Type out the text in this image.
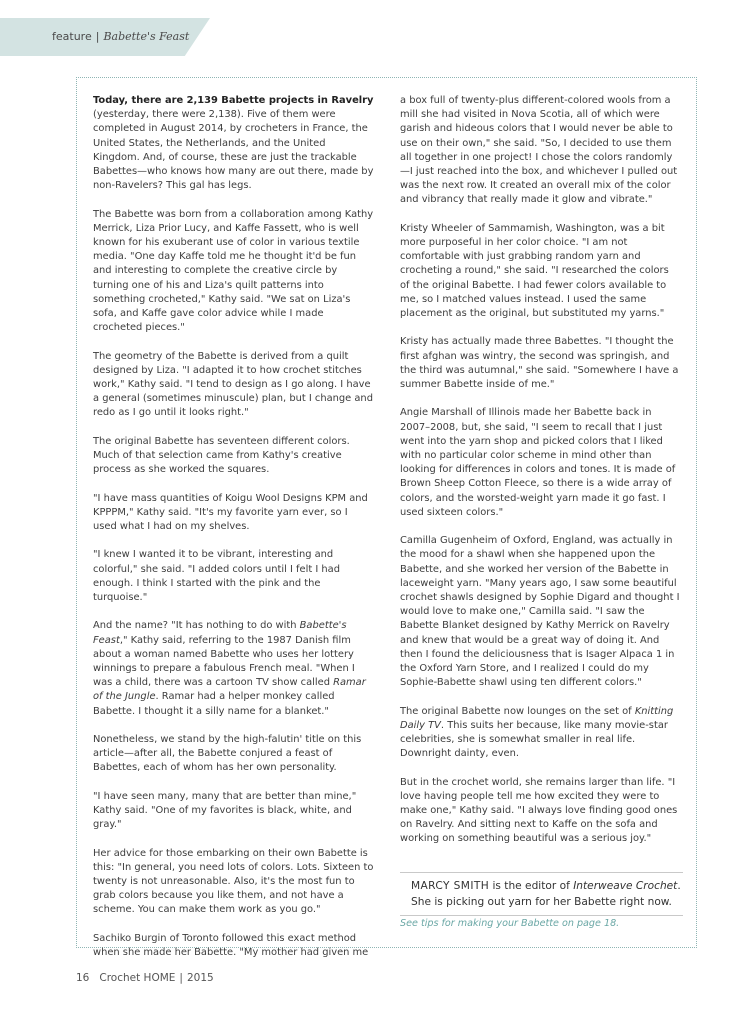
feature | Babette's Feast

Today, there are 2,139 Babette projects in Ravelry (yesterday, there were 2,138). Five of them were completed in August 2014, by crocheters in France, the United States, the Netherlands, and the United Kingdom. And, of course, these are just the trackable Babettes—who knows how many are out there, made by non-Ravelers? This gal has legs.

The Babette was born from a collaboration among Kathy Merrick, Liza Prior Lucy, and Kaffe Fassett, who is well known for his exuberant use of color in various textile media. "One day Kaffe told me he thought it'd be fun and interesting to complete the creative circle by turning one of his and Liza's quilt patterns into something crocheted," Kathy said. "We sat on Liza's sofa, and Kaffe gave color advice while I made crocheted pieces."

The geometry of the Babette is derived from a quilt designed by Liza. "I adapted it to how crochet stitches work," Kathy said. "I tend to design as I go along. I have a general (sometimes minuscule) plan, but I change and redo as I go until it looks right."

The original Babette has seventeen different colors. Much of that selection came from Kathy's creative process as she worked the squares.

"I have mass quantities of Koigu Wool Designs KPM and KPPPM," Kathy said. "It's my favorite yarn ever, so I used what I had on my shelves.

"I knew I wanted it to be vibrant, interesting and colorful," she said. "I added colors until I felt I had enough. I think I started with the pink and the turquoise."

And the name? "It has nothing to do with Babette's Feast," Kathy said, referring to the 1987 Danish film about a woman named Babette who uses her lottery winnings to prepare a fabulous French meal. "When I was a child, there was a cartoon TV show called Ramar of the Jungle. Ramar had a helper monkey called Babette. I thought it a silly name for a blanket."

Nonetheless, we stand by the high-falutin' title on this article—after all, the Babette conjured a feast of Babettes, each of whom has her own personality.

"I have seen many, many that are better than mine," Kathy said. "One of my favorites is black, white, and gray."

Her advice for those embarking on their own Babette is this: "In general, you need lots of colors. Lots. Sixteen to twenty is not unreasonable. Also, it's the most fun to grab colors because you like them, and not have a scheme. You can make them work as you go."

Sachiko Burgin of Toronto followed this exact method when she made her Babette. "My mother had given me

a box full of twenty-plus different-colored wools from a mill she had visited in Nova Scotia, all of which were garish and hideous colors that I would never be able to use on their own," she said. "So, I decided to use them all together in one project! I chose the colors randomly—I just reached into the box, and whichever I pulled out was the next row. It created an overall mix of the color and vibrancy that really made it glow and vibrate."

Kristy Wheeler of Sammamish, Washington, was a bit more purposeful in her color choice. "I am not comfortable with just grabbing random yarn and crocheting a round," she said. "I researched the colors of the original Babette. I had fewer colors available to me, so I matched values instead. I used the same placement as the original, but substituted my yarns."

Kristy has actually made three Babettes. "I thought the first afghan was wintry, the second was springish, and the third was autumnal," she said. "Somewhere I have a summer Babette inside of me."

Angie Marshall of Illinois made her Babette back in 2007–2008, but, she said, "I seem to recall that I just went into the yarn shop and picked colors that I liked with no particular color scheme in mind other than looking for differences in colors and tones. It is made of Brown Sheep Cotton Fleece, so there is a wide array of colors, and the worsted-weight yarn made it go fast. I used sixteen colors."

Camilla Gugenheim of Oxford, England, was actually in the mood for a shawl when she happened upon the Babette, and she worked her version of the Babette in laceweight yarn. "Many years ago, I saw some beautiful crochet shawls designed by Sophie Digard and thought I would love to make one," Camilla said. "I saw the Babette Blanket designed by Kathy Merrick on Ravelry and knew that would be a great way of doing it. And then I found the deliciousness that is Isager Alpaca 1 in the Oxford Yarn Store, and I realized I could do my Sophie-Babette shawl using ten different colors."

The original Babette now lounges on the set of Knitting Daily TV. This suits her because, like many movie-star celebrities, she is somewhat smaller in real life. Downright dainty, even.

But in the crochet world, she remains larger than life. "I love having people tell me how excited they were to make one," Kathy said. "I always love finding good ones on Ravelry. And sitting next to Kaffe on the sofa and working on something beautiful was a serious joy."

MARCY SMITH is the editor of Interweave Crochet. She is picking out yarn for her Babette right now.
See tips for making your Babette on page 18.
16 Crochet HOME | 2015
